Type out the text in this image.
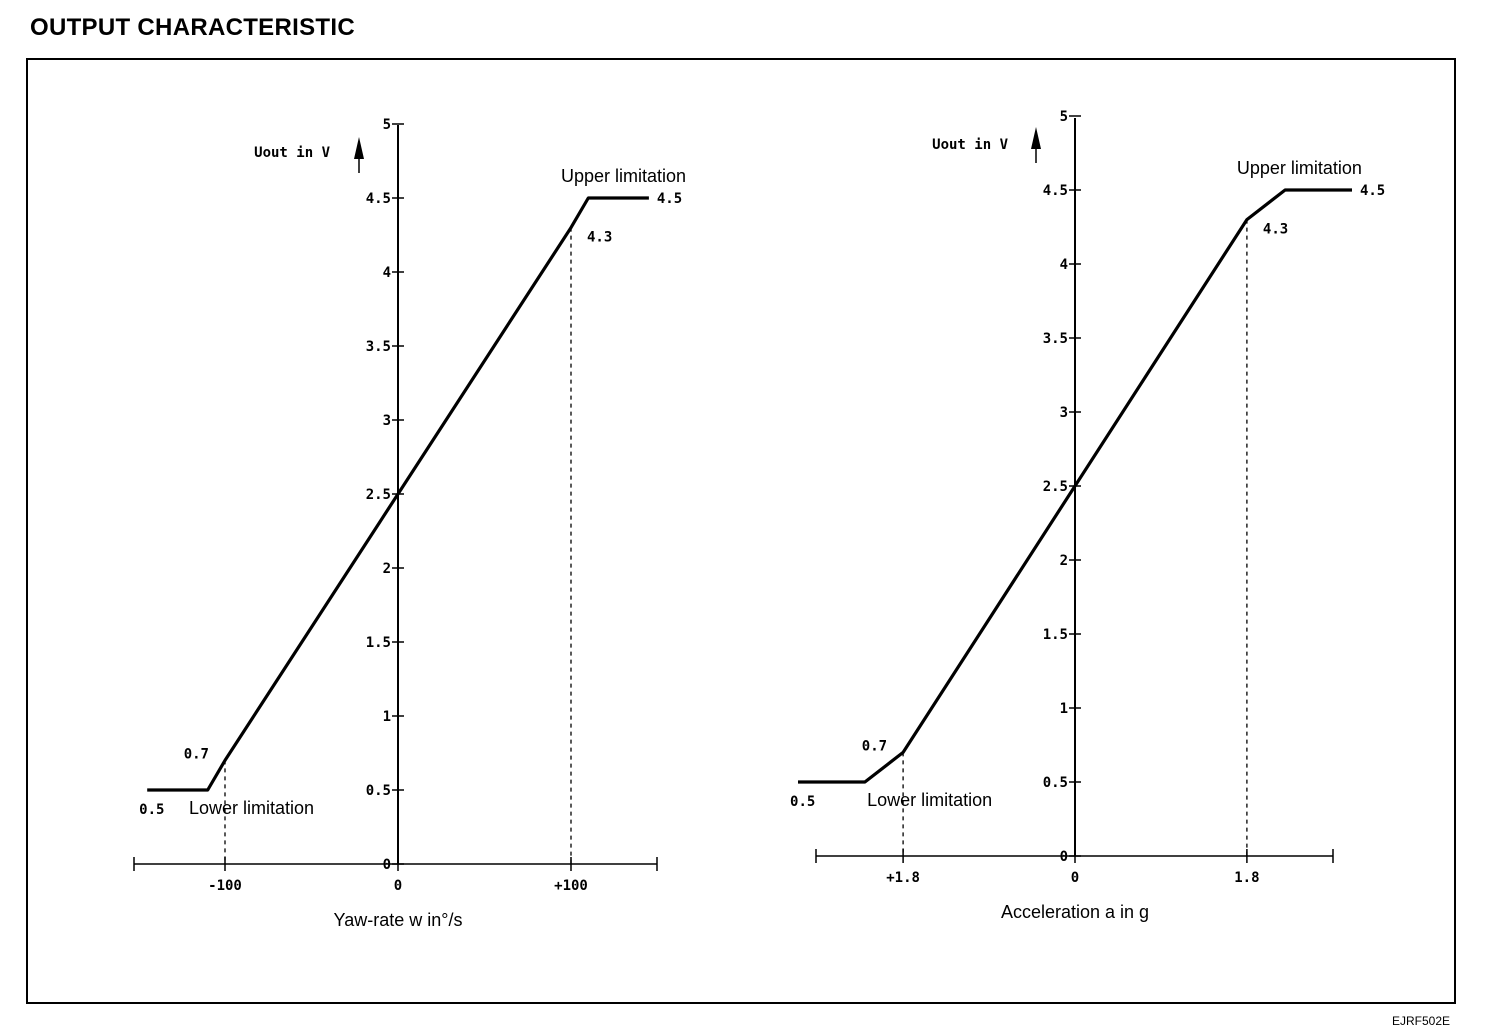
OUTPUT CHARACTERISTIC
0
0.5
1
1.5
2
2.5
3
3.5
4
4.5
5
-100	0	+100
Uout in V
Yaw-rate w in°/s
4.5
4.3
Upper limitation
0.7
0.5 Lower limitation
0
0.5
1
1.5
2
2.5
3
3.5
4
4.5
5
+1.8	0	1.8
Uout in V
Acceleration a in g
4.5
4.3
Upper limitation
0.7
0.5	Lower limitation
EJRF502E
